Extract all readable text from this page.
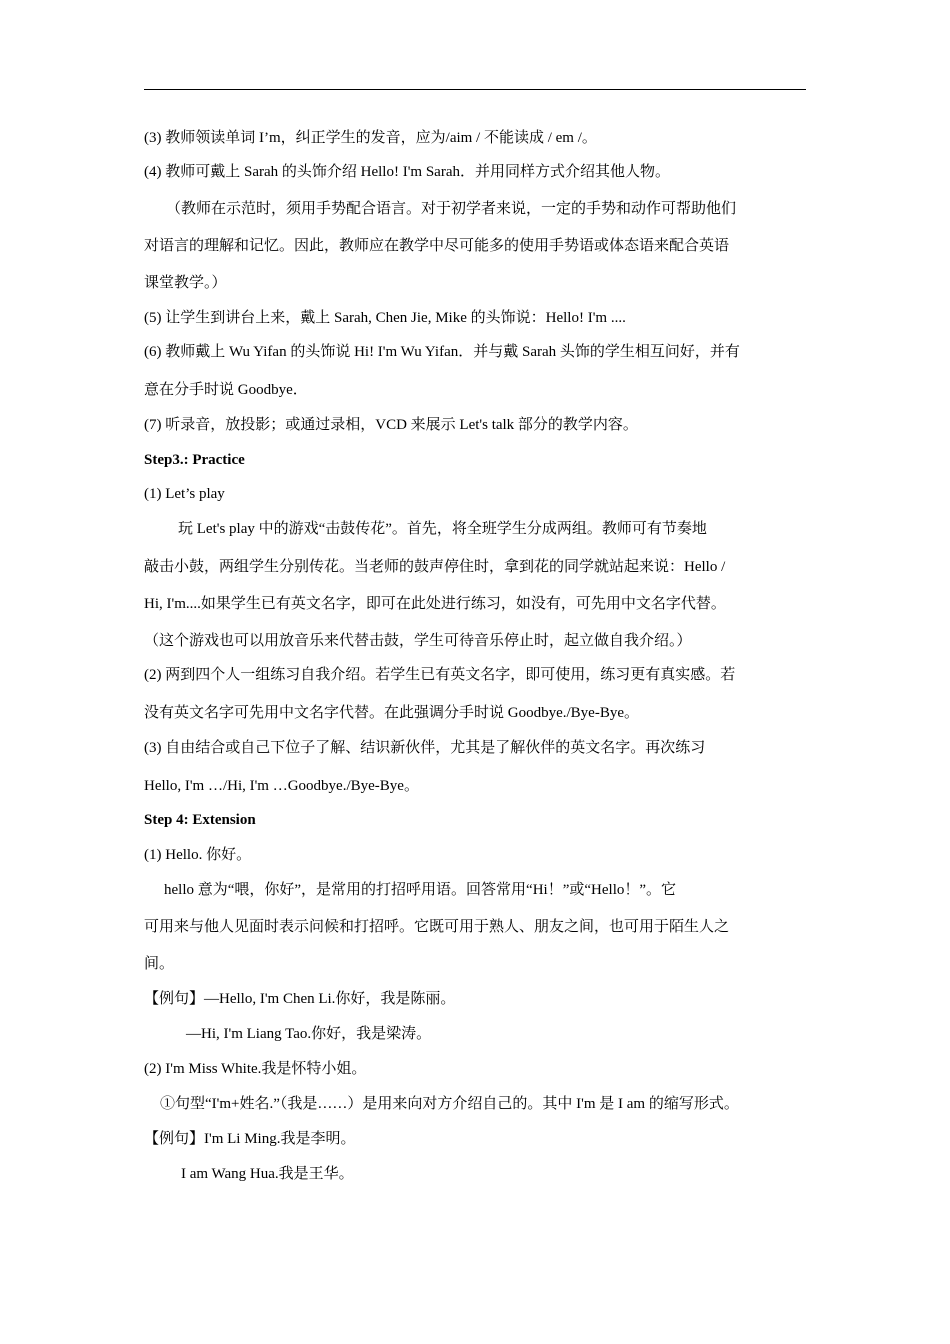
(3) 教师领读单词 I’m，纠正学生的发音，应为/aim / 不能读成 / em /。
(4) 教师可戴上 Sarah 的头饰介绍 Hello! I'm Sarah．并用同样方式介绍其他人物。
（教师在示范时，须用手势配合语言。对于初学者来说，一定的手势和动作可帮助他们
对语言的理解和记忆。因此，教师应在教学中尽可能多的使用手势语或体态语来配合英语
课堂教学。）
(5) 让学生到讲台上来，戴上 Sarah, Chen Jie, Mike 的头饰说：Hello! I'm ....
(6) 教师戴上 Wu Yifan 的头饰说 Hi! I'm Wu Yifan．并与戴 Sarah 头饰的学生相互问好，并有
意在分手时说 Goodbye．
(7) 听录音，放投影；或通过录相，VCD 来展示 Let's talk 部分的教学内容。
Step3.: Practice
(1) Let’s play
玩 Let's play 中的游戏“击鼓传花”。首先，将全班学生分成两组。教师可有节奏地
敲击小鼓，两组学生分别传花。当老师的鼓声停住时，拿到花的同学就站起来说：Hello /
Hi, I'm....如果学生已有英文名字，即可在此处进行练习，如没有，可先用中文名字代替。
（这个游戏也可以用放音乐来代替击鼓，学生可待音乐停止时，起立做自我介绍。）
(2) 两到四个人一组练习自我介绍。若学生已有英文名字，即可使用，练习更有真实感。若
没有英文名字可先用中文名字代替。在此强调分手时说 Goodbye./Bye-Bye。
(3) 自由结合或自己下位子了解、结识新伙伴，尤其是了解伙伴的英文名字。再次练习
Hello, I'm …/Hi, I'm …Goodbye./Bye-Bye。
Step 4: Extension
(1) Hello. 你好。
hello 意为“喂，你好”，是常用的打招呼用语。回答常用“Hi！”或“Hello！”。它
可用来与他人见面时表示问候和打招呼。它既可用于熟人、朋友之间，也可用于陌生人之
间。
【例句】—Hello, I'm Chen Li.你好，我是陈丽。
—Hi, I'm Liang Tao.你好，我是梁涛。
(2) I'm Miss White.我是怀特小姐。
①句型“I'm+姓名.”（我是……）是用来向对方介绍自己的。其中 I'm 是 I am 的缩写形式。
【例句】I'm Li Ming.我是李明。
I am Wang Hua.我是王华。
